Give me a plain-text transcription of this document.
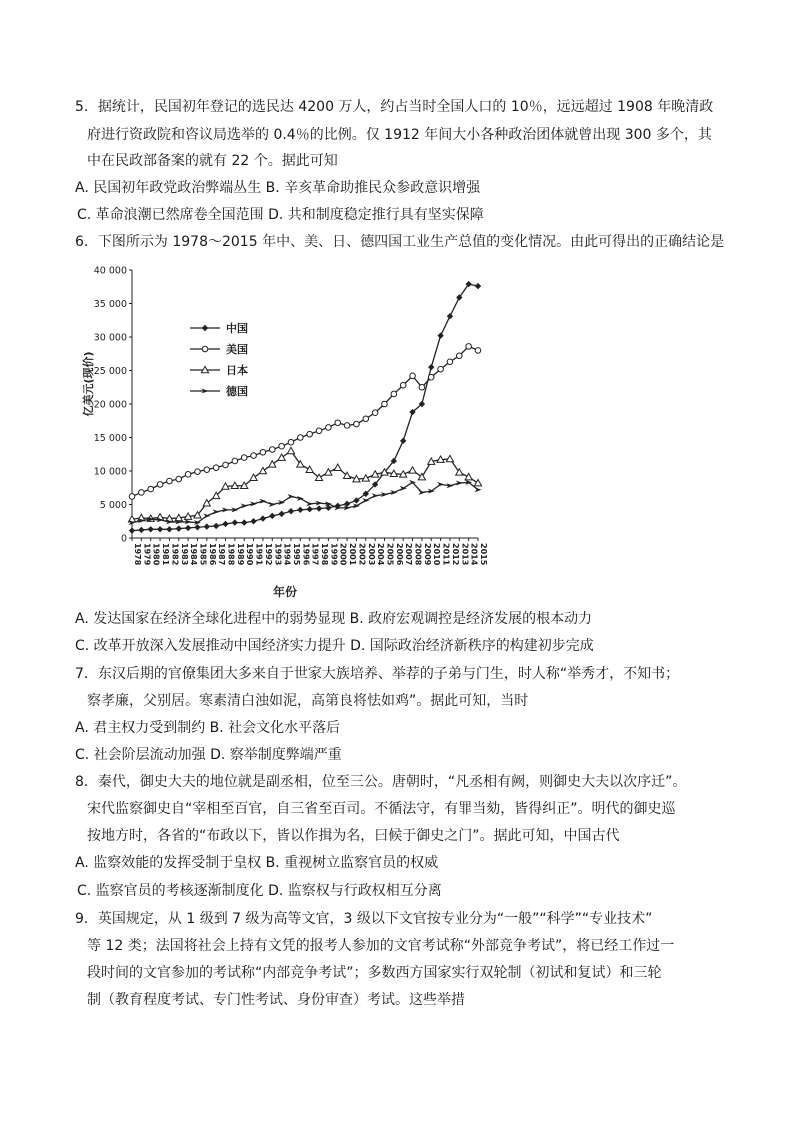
5．据统计，民国初年登记的选民达 4200 万人，约占当时全国人口的 10％，远远超过 1908 年晚清政
府进行资政院和咨议局选举的 0.4％的比例。仅 1912 年间大小各种政治团体就曾出现 300 多个，其
中在民政部备案的就有 22 个。据此可知
A. 民国初年政党政治弊端丛生 B. 辛亥革命助推民众参政意识增强
C. 革命浪潮已然席卷全国范围 D. 共和制度稳定推行具有坚实保障
6．下图所示为 1978～2015 年中、美、日、德四国工业生产总值的变化情况。由此可得出的正确结论是
中国
美国
日本
德国
0
5 000
10 000
15 000
20 000
25 000
30 000
35 000
40 000
1978 1979 1980 1981 1982 1983 1984 1985 1986 1987 1988 1989 1990 1991 1992 1993 1994 1995 1996 1997 1998 1999 2000 2001 2002 2003 2004 2005 2006 2007 2008 2009 2010 2011 2012 2013 2014 2015
年份
亿美元(现价)
A. 发达国家在经济全球化进程中的弱势显现 B. 政府宏观调控是经济发展的根本动力
C. 改革开放深入发展推动中国经济实力提升 D. 国际政治经济新秩序的构建初步完成
7．东汉后期的官僚集团大多来自于世家大族培养、举荐的子弟与门生，时人称“举秀才，不知书；
察孝廉，父别居。寒素清白浊如泥，高第良将怯如鸡”。据此可知，当时
A. 君主权力受到制约 B. 社会文化水平落后
C. 社会阶层流动加强 D. 察举制度弊端严重
8．秦代，御史大夫的地位就是副丞相，位至三公。唐朝时，“凡丞相有阙，则御史大夫以次序迁”。
宋代监察御史自“宰相至百官，自三省至百司。不循法守，有罪当劾，皆得纠正”。明代的御史巡
按地方时，各省的“布政以下，皆以作揖为名，曰候于御史之门”。据此可知，中国古代
A. 监察效能的发挥受制于皇权 B. 重视树立监察官员的权威
C. 监察官员的考核逐渐制度化 D. 监察权与行政权相互分离
9．英国规定，从 1 级到 7 级为高等文官，3 级以下文官按专业分为“一般”“科学”“专业技术”
等 12 类；法国将社会上持有文凭的报考人参加的文官考试称“外部竞争考试”，将已经工作过一
段时间的文官参加的考试称“内部竞争考试”；多数西方国家实行双轮制（初试和复试）和三轮
制（教育程度考试、专门性考试、身份审查）考试。这些举措
